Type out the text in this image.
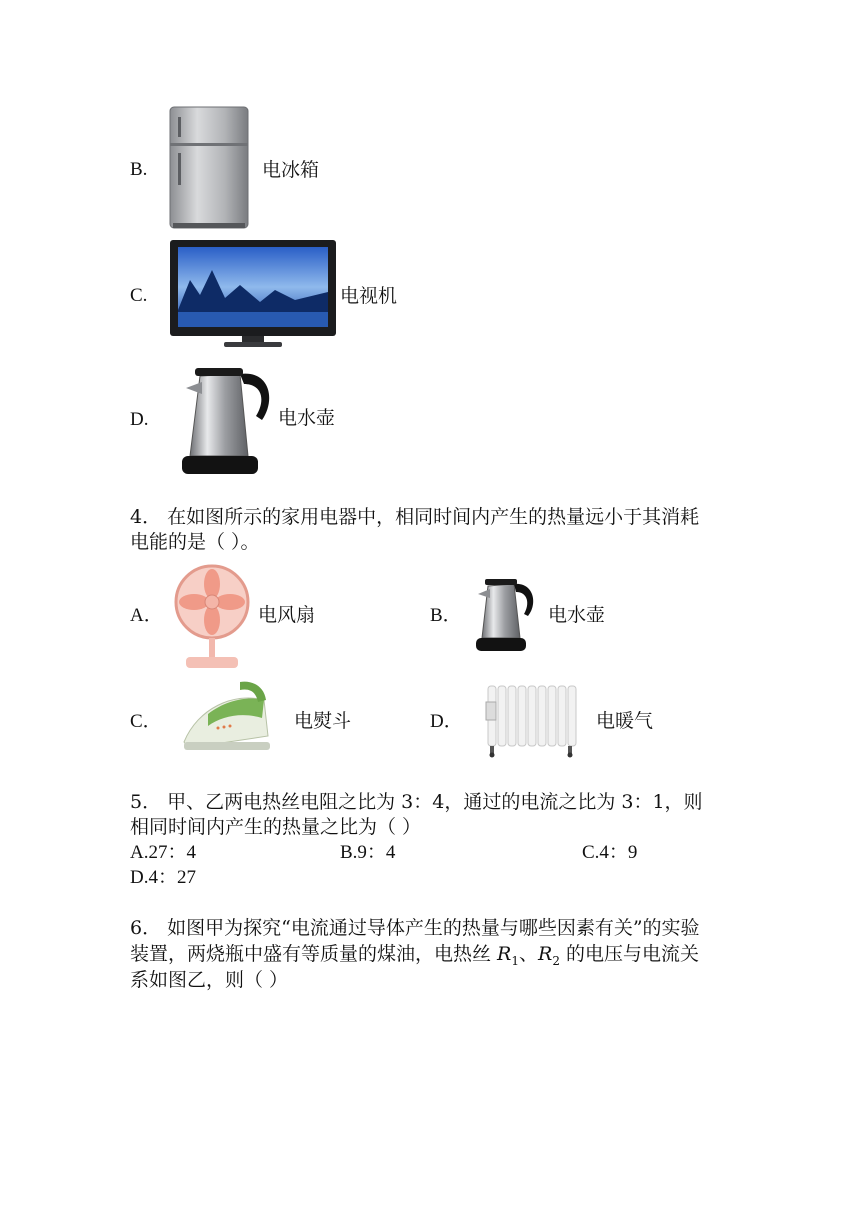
B.	电冰箱
C.	电视机
D.	电水壶
4． 在如图所示的家用电器中，相同时间内产生的热量远小于其消耗
电能的是（ ）。
A．	电风扇	B．	电水壶
C．	电熨斗	D．	电暖气
5． 甲、乙两电热丝电阻之比为 3：4，通过的电流之比为 3：1，则
相同时间内产生的热量之比为（ ）
A.27：4	B.9：4	C.4：9
D.4：27
6． 如图甲为探究“电流通过导体产生的热量与哪些因素有关”的实验
装置，两烧瓶中盛有等质量的煤油，电热丝 $R_1$、$R_2$ 的电压与电流关
系如图乙，则（ ）
